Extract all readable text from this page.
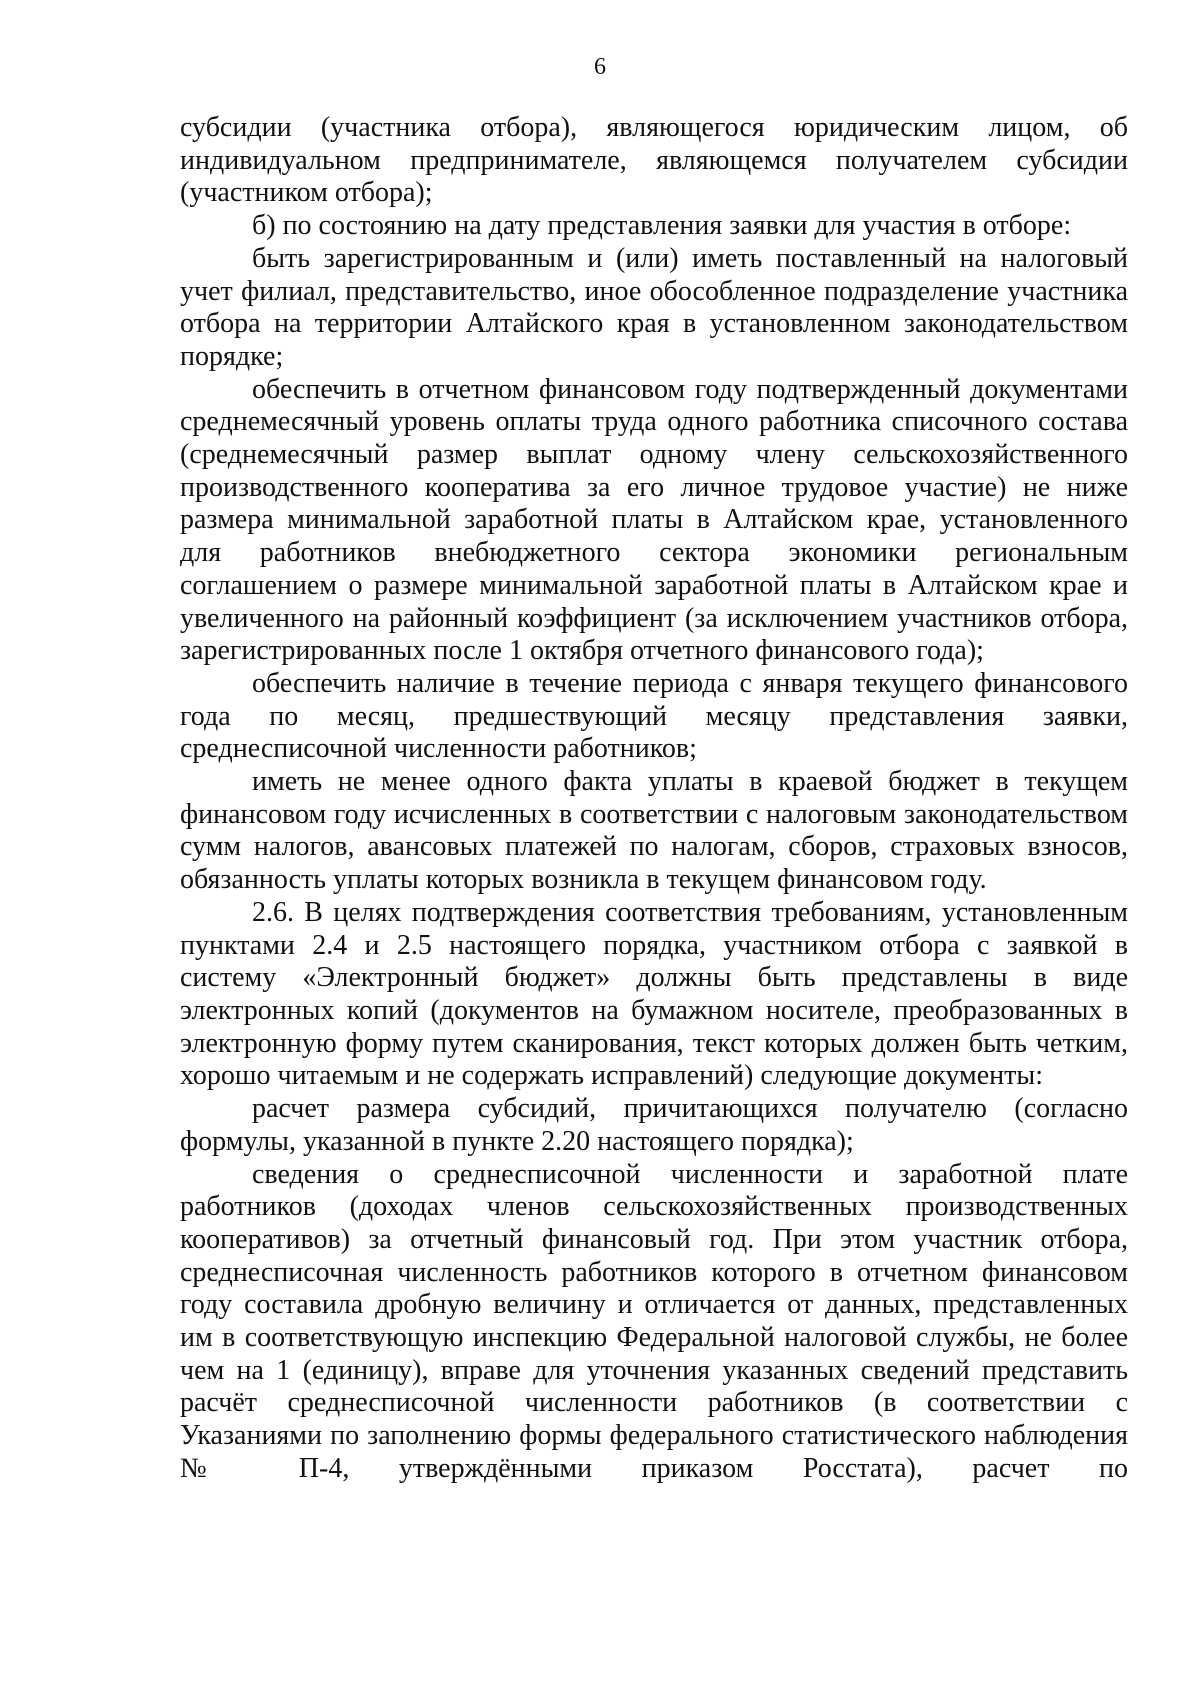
6

субсидии (участника отбора), являющегося юридическим лицом, об индивидуальном предпринимателе, являющемся получателем субсидии (участником отбора);

б) по состоянию на дату представления заявки для участия в отборе:

быть зарегистрированным и (или) иметь поставленный на налоговый учет филиал, представительство, иное обособленное подразделение участника отбора на территории Алтайского края в установленном законодательством порядке;

обеспечить в отчетном финансовом году подтвержденный документами среднемесячный уровень оплаты труда одного работника списочного состава (среднемесячный размер выплат одному члену сельскохозяйственного производственного кооператива за его личное трудовое участие) не ниже размера минимальной заработной платы в Алтайском крае, установленного для работников внебюджетного сектора экономики региональным соглашением о размере минимальной заработной платы в Алтайском крае и увеличенного на районный коэффициент (за исключением участников отбора, зарегистрированных после 1 октября отчетного финансового года);

обеспечить наличие в течение периода с января текущего финансового года по месяц, предшествующий месяцу представления заявки, среднесписочной численности работников;

иметь не менее одного факта уплаты в краевой бюджет в текущем финансовом году исчисленных в соответствии с налоговым законодательством сумм налогов, авансовых платежей по налогам, сборов, страховых взносов, обязанность уплаты которых возникла в текущем финансовом году.

2.6. В целях подтверждения соответствия требованиям, установленным пунктами 2.4 и 2.5 настоящего порядка, участником отбора с заявкой в систему «Электронный бюджет» должны быть представлены в виде электронных копий (документов на бумажном носителе, преобразованных в электронную форму путем сканирования, текст которых должен быть четким, хорошо читаемым и не содержать исправлений) следующие документы:

расчет размера субсидий, причитающихся получателю (согласно формулы, указанной в пункте 2.20 настоящего порядка);

сведения о среднесписочной численности и заработной плате работников (доходах членов сельскохозяйственных производственных кооперативов) за отчетный финансовый год. При этом участник отбора, среднесписочная численность работников которого в отчетном финансовом году составила дробную величину и отличается от данных, представленных им в соответствующую инспекцию Федеральной налоговой службы, не более чем на 1 (единицу), вправе для уточнения указанных сведений представить расчёт среднесписочной численности работников (в соответствии с Указаниями по заполнению формы федерального статистического наблюдения № П-4, утверждёнными приказом Росстата), расчет по
